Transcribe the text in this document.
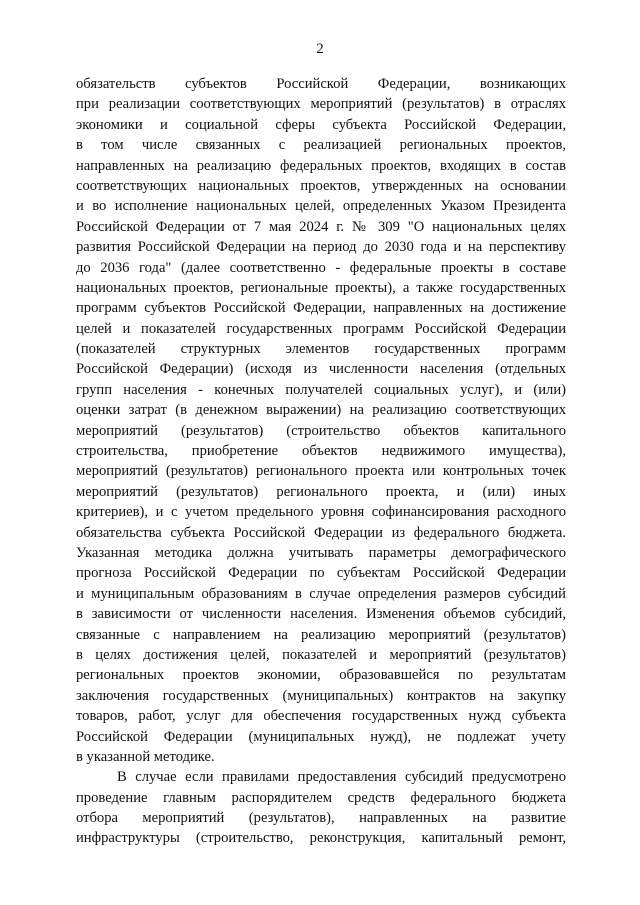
2
обязательств субъектов Российской Федерации, возникающих
при реализации соответствующих мероприятий (результатов) в отраслях
экономики и социальной сферы субъекта Российской Федерации,
в том числе связанных с реализацией региональных проектов,
направленных на реализацию федеральных проектов, входящих в состав
соответствующих национальных проектов, утвержденных на основании
и во исполнение национальных целей, определенных Указом Президента
Российской Федерации от 7 мая 2024 г. № 309 "О национальных целях
развития Российской Федерации на период до 2030 года и на перспективу
до 2036 года" (далее соответственно - федеральные проекты в составе
национальных проектов, региональные проекты), а также государственных
программ субъектов Российской Федерации, направленных на достижение
целей и показателей государственных программ Российской Федерации
(показателей структурных элементов государственных программ
Российской Федерации) (исходя из численности населения (отдельных
групп населения - конечных получателей социальных услуг), и (или)
оценки затрат (в денежном выражении) на реализацию соответствующих
мероприятий (результатов) (строительство объектов капитального
строительства, приобретение объектов недвижимого имущества),
мероприятий (результатов) регионального проекта или контрольных точек
мероприятий (результатов) регионального проекта, и (или) иных
критериев), и с учетом предельного уровня софинансирования расходного
обязательства субъекта Российской Федерации из федерального бюджета.
Указанная методика должна учитывать параметры демографического
прогноза Российской Федерации по субъектам Российской Федерации
и муниципальным образованиям в случае определения размеров субсидий
в зависимости от численности населения. Изменения объемов субсидий,
связанные с направлением на реализацию мероприятий (результатов)
в целях достижения целей, показателей и мероприятий (результатов)
региональных проектов экономии, образовавшейся по результатам
заключения государственных (муниципальных) контрактов на закупку
товаров, работ, услуг для обеспечения государственных нужд субъекта
Российской Федерации (муниципальных нужд), не подлежат учету
в указанной методике.
В случае если правилами предоставления субсидий предусмотрено
проведение главным распорядителем средств федерального бюджета
отбора мероприятий (результатов), направленных на развитие
инфраструктуры (строительство, реконструкция, капитальный ремонт,
